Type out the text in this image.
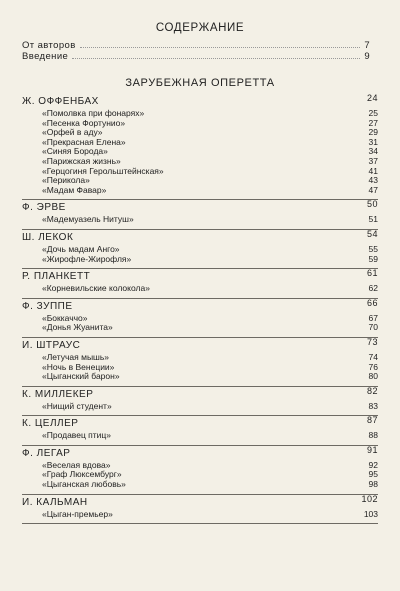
СОДЕРЖАНИЕ
От авторов	7
Введение	9
ЗАРУБЕЖНАЯ ОПЕРЕТТА
Ж. ОФФЕНБАХ	24
«Помолвка при фонарях»	25
«Песенка Фортунио»	27
«Орфей в аду»	29
«Прекрасная Елена»	31
«Синяя Борода»	34
«Парижская жизнь»	37
«Герцогиня Герольштейнская»	41
«Перикола»	43
«Мадам Фавар»	47
Ф. ЭРВЕ	50
«Мадемуазель Нитуш»	51
Ш. ЛЕКОК	54
«Дочь мадам Анго»	55
«Жирофле-Жирофля»	59
Р. ПЛАНКЕТТ	61
«Корневильские колокола»	62
Ф. ЗУППЕ	66
«Боккаччо»	67
«Донья Жуанита»	70
И. ШТРАУС	73
«Летучая мышь»	74
«Ночь в Венеции»	76
«Цыганский барон»	80
К. МИЛЛЕКЕР	82
«Нищий студент»	83
К. ЦЕЛЛЕР	87
«Продавец птиц»	88
Ф. ЛЕГАР	91
«Веселая вдова»	92
«Граф Люксембург»	95
«Цыганская любовь»	98
И. КАЛЬМАН	102
«Цыган-премьер»	103
